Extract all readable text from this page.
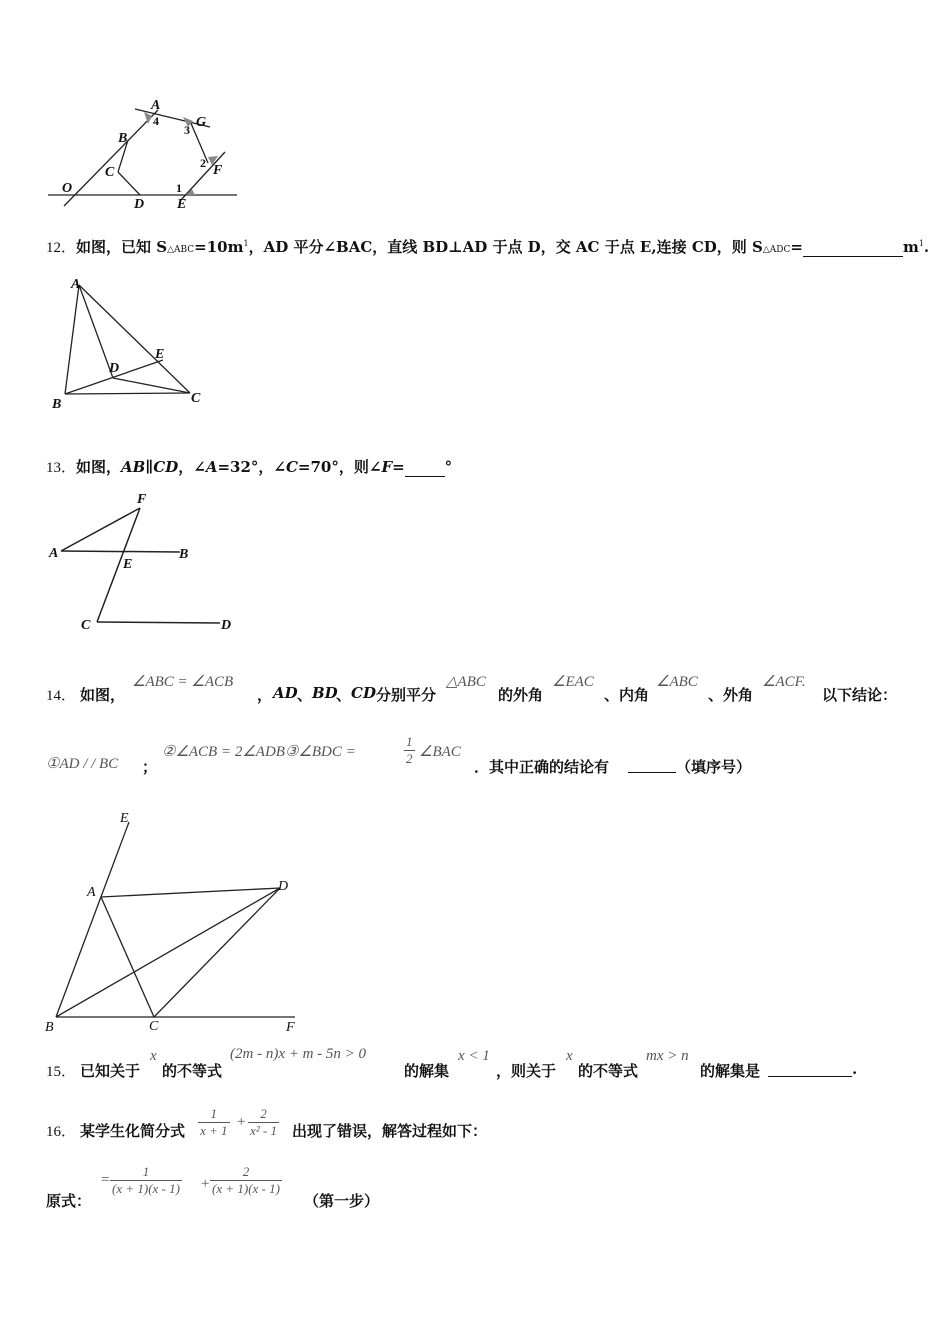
A
4	G
3
B
2 F
C
O	1
D E
12．如图，已知 $S\triangle ABC=10m^1$，AD 平分∠BAC，直线 BD⊥AD 于点 D，交 AC 于点 E,连接 CD，则 S△ADC=	$m^1$.
A
E
D
B	C
13．如图，AB∥CD，∠A=32°，∠C=70°，则∠F=	°
F
A	B
E
C	D
14． 如图，
∠ABC = ∠ACB
， AD 、 BD
、 CD 分别平分
△ABC
的外角
∠EAC
、内角
∠ABC
、外角
∠ACF.
以下结论：
①AD / / BC ；
②∠ACB = 2∠ADB③∠BDC =	$\frac{1}{2}$ ∠BAC
．其中正确的结论有	（填序号）
E
A	D
B	C	F
15． 已知关于
x
的不等式
(2m - n)x + m - 5n > 0
的解集
x < 1
，则关于
x
的不等式
mx > n
的解集是	.
16． 某学生化简分式 $\frac{1}{x + 1} + \frac{2}{\text{x² - 1}}$ 出现了错误，解答过程如下：
原式：
= $\frac{1}{(x + 1)(x - 1)} + \frac{2}{(x + 1)(x - 1)}$
（第一步）
